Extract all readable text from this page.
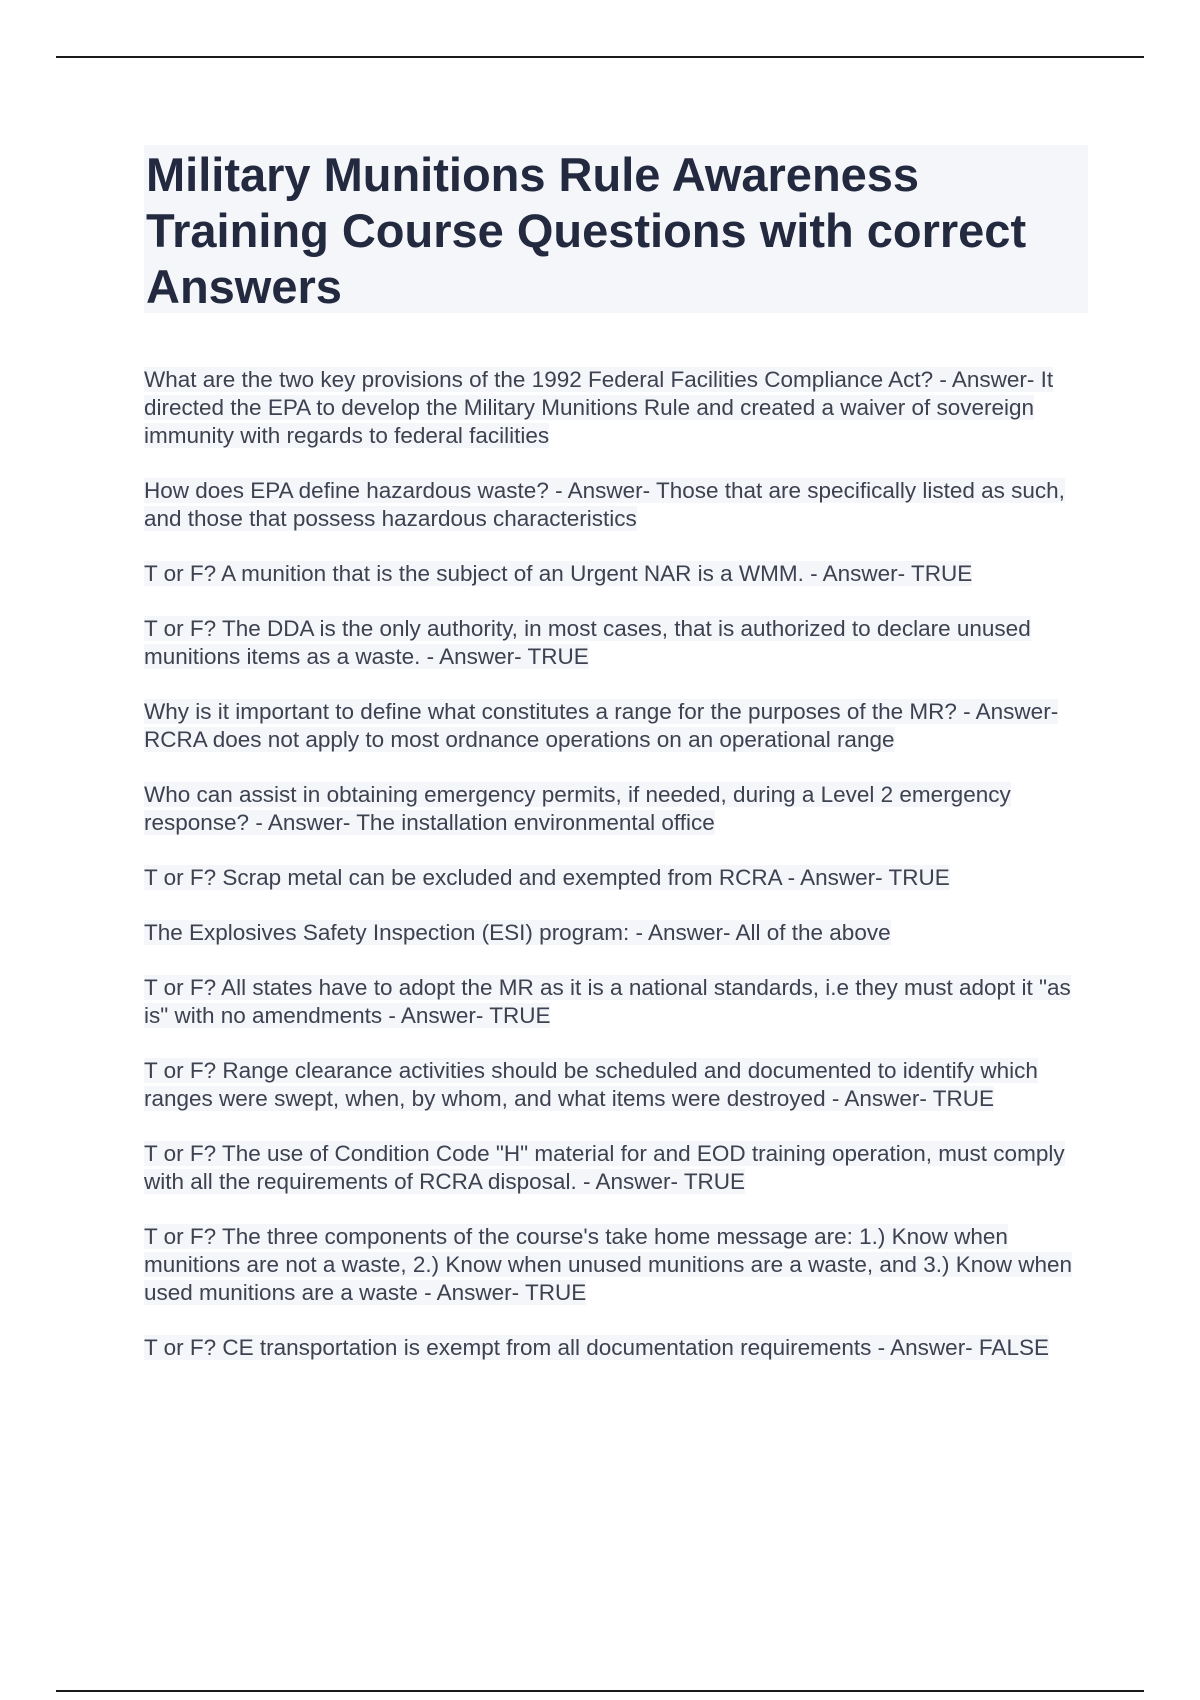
Military Munitions Rule Awareness Training Course Questions with correct Answers

What are the two key provisions of the 1992 Federal Facilities Compliance Act? - Answer- It directed the EPA to develop the Military Munitions Rule and created a waiver of sovereign immunity with regards to federal facilities

How does EPA define hazardous waste? - Answer- Those that are specifically listed as such, and those that possess hazardous characteristics

T or F? A munition that is the subject of an Urgent NAR is a WMM. - Answer- TRUE

T or F? The DDA is the only authority, in most cases, that is authorized to declare unused munitions items as a waste. - Answer- TRUE

Why is it important to define what constitutes a range for the purposes of the MR? - Answer- RCRA does not apply to most ordnance operations on an operational range

Who can assist in obtaining emergency permits, if needed, during a Level 2 emergency response? - Answer- The installation environmental office

T or F? Scrap metal can be excluded and exempted from RCRA - Answer- TRUE

The Explosives Safety Inspection (ESI) program: - Answer- All of the above

T or F? All states have to adopt the MR as it is a national standards, i.e they must adopt it "as is" with no amendments - Answer- TRUE

T or F? Range clearance activities should be scheduled and documented to identify which ranges were swept, when, by whom, and what items were destroyed - Answer- TRUE

T or F? The use of Condition Code "H" material for and EOD training operation, must comply with all the requirements of RCRA disposal. - Answer- TRUE

T or F? The three components of the course's take home message are: 1.) Know when munitions are not a waste, 2.) Know when unused munitions are a waste, and 3.) Know when used munitions are a waste - Answer- TRUE

T or F? CE transportation is exempt from all documentation requirements - Answer- FALSE
